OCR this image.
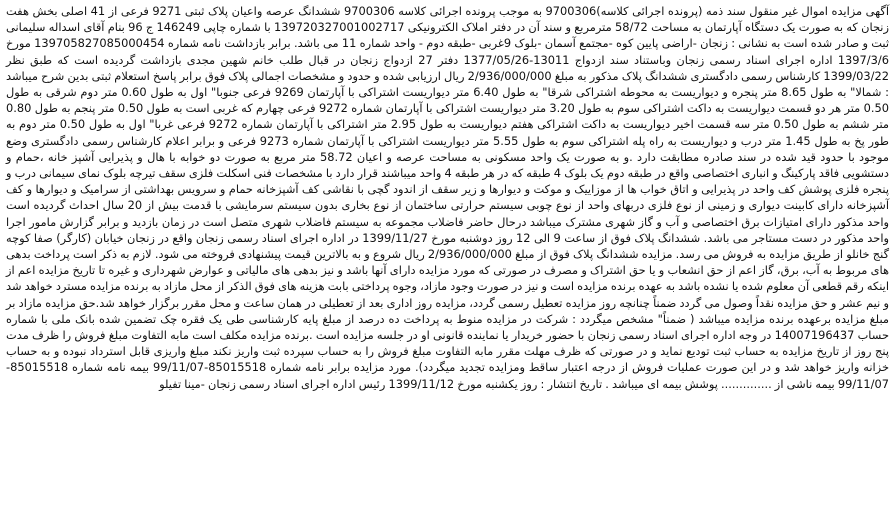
آگهی مزایده اموال غیر منقول سند ذمه (پرونده اجرائی کلاسه)9700306 به موجب پرونده اجرائی کلاسه 9700306 ششدانگ عرصه واعیان پلاک ثبتی 9271 فرعی از 41 اصلی بخش هفت زنجان که به صورت یک دستگاه آپارتمان به مساحت 58/72 مترمربع و سند آن در دفتر املاک الکترونیکی 139720327001002717 با شماره چاپی 146249 ج 96 بنام آقای اسداله سلیمانی ثبت و صادر شده است به نشانی : زنجان -اراضی پایین کوه -مجتمع آسمان -بلوک 9غربی -طبقه دوم - واحد شماره 11 می باشد. برابر بازداشت نامه شماره 139705827085000454 مورخ 1397/3/6 اداره اجرای اسناد رسمی زنجان وباستناد سند ازدواج 13011-1377/05/26 دفتر 27 ازدواج زنجان در قبال طلب خانم شهین مجدی بازداشت گردیده است که طبق نظر 1399/03/22 کارشناس رسمی دادگستری ششدانگ پلاک مذکور به مبلغ 2/936/000/000 ریال ارزیابی شده و حدود و مشخصات اجمالی پلاک فوق برابر پاسخ استعلام ثبتی بدین شرح میباشد : شمالا" به طول 8.65 متر پنجره و دیواریست به محوطه اشتراکی شرقا" به طول 6.40 متر دیواریست اشتراکی با آپارتمان 9269 فرعی جنوبا" اول به طول 0.60 متر دوم شرقی به طول 0.50 متر هر دو قسمت دیواریست به داکت اشتراکی سوم به طول 3.20 متر دیواریست اشتراکی با آپارتمان شماره 9272 فرعی چهارم که غربی است به طول 0.50 متر پنجم به طول 0.80 متر ششم به طول 0.50 متر سه قسمت اخیر دیواریست به داکت اشتراکی هفتم دیواریست به طول 2.95 متر اشتراکی با آپارتمان شماره 9272 فرعی غربا" اول به طول 0.50 متر دوم به طور پخ به طول 1.45 متر درب و دیواریست به راه پله اشتراکی سوم به طول 5.55 متر دیواریست اشتراکی با آپارتمان شماره 9273 فرعی و برابر اعلام کارشناس رسمی دادگستری وضع موجود با حدود قید شده در سند صادره مطابقت دارد .و به صورت یک واحد مسکونی به مساحت عرصه و اعیان 58.72 متر مربع به صورت دو خوابه با هال و پذیرایی آشپز خانه ،حمام و دستشویی فاقد پارکینگ و انباری اختصاصی واقع در طبقه دوم یک بلوک 4 طبقه که در هر طبقه 4 واحد میباشند قرار دارد با مشخصات فنی اسکلت فلزی سقف تیرچه بلوک نمای سیمانی درب و پنجره فلزی پوشش کف واحد در پذیرایی و اتاق خواب ها از موزاییک و موکت و دیوارها و زیر سقف از اندود گچی با نقاشی کف آشپزخانه حمام و سرویس بهداشتی از سرامیک و دیوارها و کف آشپزخانه دارای کابینت دیواری و زمینی از نوع فلزی دربهای واحد از نوع چوبی سیستم حرارتی ساختمان از نوع بخاری بدون سیستم سرمایشی با قدمت بیش از 20 سال احداث گردیده است واحد مذکور دارای امتیازات برق اختصاصی و آب و گاز شهری مشترک میباشد درحال حاضر فاضلاب مجموعه به سیستم فاضلاب شهری متصل است در زمان بازدید و برابر گزارش مامور اجرا واحد مذکور در دست مستاجر می باشد. ششدانگ پلاک فوق از ساعت 9 الی 12 روز دوشنبه مورخ 1399/11/27 در اداره اجرای اسناد رسمی زنجان واقع در زنجان خیابان (کارگر) صفا کوچه گنج خانلو از طریق مزایده به فروش می رسد. مزایده ششدانگ پلاک فوق از مبلغ 2/936/000/000 ریال شروع و به بالاترین قیمت پیشنهادی فروخته می شود. لازم به ذکر است پرداخت بدهی های مربوط به آب، برق، گاز اعم از حق انشعاب و یا حق اشتراک و مصرف در صورتی که مورد مزایده دارای آنها باشد و نیز بدهی های مالیاتی و عوارض شهرداری و غیره تا تاریخ مزایده اعم از اینکه رقم قطعی آن معلوم شده یا نشده باشد به عهده برنده مزایده است و نیز در صورت وجود مازاد، وجوه پرداختی بابت هزینه های فوق الذکر از محل مازاد به برنده مزایده مسترد خواهد شد و نیم عشر و حق مزایده نقداً وصول می گردد ضمناً چنانچه روز مزایده تعطیل رسمی گردد، مزایده روز اداری بعد از تعطیلی در همان ساعت و محل مقرر برگزار خواهد شد.حق مزایده مازاد بر مبلغ مزایده برعهده برنده مزایده میباشد ( ضمناً" مشخص میگردد : شرکت در مزایده منوط به پرداخت ده درصد از مبلغ پایه کارشناسی طی یک فقره چک تضمین شده بانک ملی با شماره حساب 14007196437 در وجه اداره اجرای اسناد رسمی زنجان با حضور خریدار یا نماینده قانونی او در جلسه مزایده است .برنده مزایده مکلف است مابه التفاوت مبلغ فروش را ظرف مدت پنج روز از تاریخ مزایده به حساب ثبت تودیع نماید و در صورتی که ظرف مهلت مقرر مابه التفاوت مبلغ فروش را به حساب سپرده ثبت واریز نکند مبلغ واریزی قابل استرداد نبوده و به حساب خزانه واریز خواهد شد و در این صورت عملیات فروش از درجه اعتبار ساقط ومزایده تجدید میگردد). مورد مزایده برابر نامه شماره 85015518-99/11/07 بیمه نامه شماره 85015518-99/11/07 بیمه ناشی از .............. پوشش بیمه ای میباشد . تاریخ انتشار : روز یکشنبه مورخ 1399/11/12 رئیس اداره اجرای اسناد رسمی زنجان -مینا تفیلو
